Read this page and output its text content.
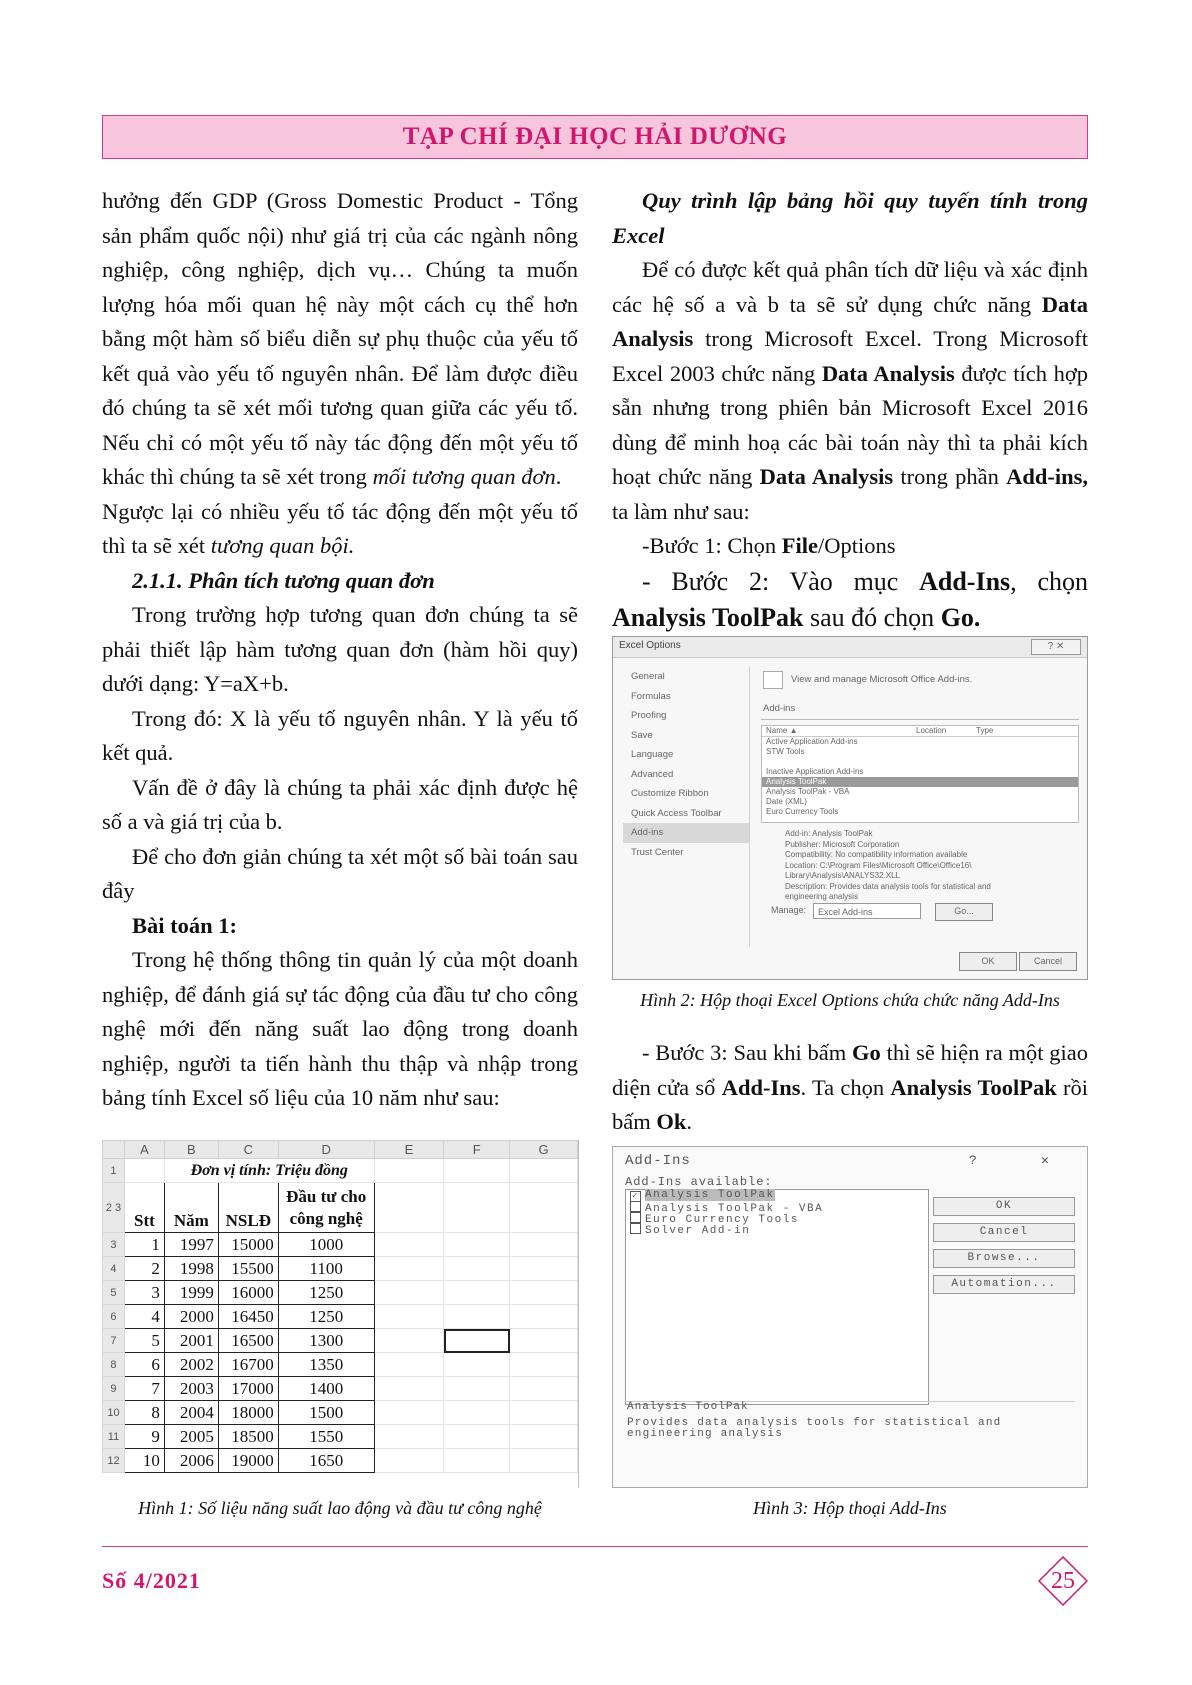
TẠP CHÍ ĐẠI HỌC HẢI DƯƠNG

hưởng đến GDP (Gross Domestic Product - Tổng sản phẩm quốc nội) như giá trị của các ngành nông nghiệp, công nghiệp, dịch vụ… Chúng ta muốn lượng hóa mối quan hệ này một cách cụ thể hơn bằng một hàm số biểu diễn sự phụ thuộc của yếu tố kết quả vào yếu tố nguyên nhân. Để làm được điều đó chúng ta sẽ xét mối tương quan giữa các yếu tố. Nếu chỉ có một yếu tố này tác động đến một yếu tố khác thì chúng ta sẽ xét trong mối tương quan đơn.

Ngược lại có nhiều yếu tố tác động đến một yếu tố thì ta sẽ xét tương quan bội.

2.1.1. Phân tích tương quan đơn

Trong trường hợp tương quan đơn chúng ta sẽ phải thiết lập hàm tương quan đơn (hàm hồi quy) dưới dạng: Y=aX+b.

Trong đó: X là yếu tố nguyên nhân. Y là yếu tố kết quả.

Vấn đề ở đây là chúng ta phải xác định được hệ số a và giá trị của b.

Để cho đơn giản chúng ta xét một số bài toán sau đây

Bài toán 1:

Trong hệ thống thông tin quản lý của một doanh nghiệp, để đánh giá sự tác động của đầu tư cho công nghệ mới đến năng suất lao động trong doanh nghiệp, người ta tiến hành thu thập và nhập trong bảng tính Excel số liệu của 10 năm như sau:

	A	B	C	D	E	F	G
1		Đơn vị tính: Triệu đồng					
2 3	Stt	Năm	NSLĐ	Đầu tư cho
công nghệ			

3	1	1997	15000	1000			
4	2	1998	15500	1100			
5	3	1999	16000	1250			
6	4	2000	16450	1250			
7	5	2001	16500	1300			
8	6	2002	16700	1350			
9	7	2003	17000	1400			
10	8	2004	18000	1500			
11	9	2005	18500	1550			
12	10	2006	19000	1650			
Hình 1: Số liệu năng suất lao động và đầu tư công nghệ

Quy trình lập bảng hồi quy tuyến tính trong Excel

Để có được kết quả phân tích dữ liệu và xác định các hệ số a và b ta sẽ sử dụng chức năng Data Analysis trong Microsoft Excel. Trong Microsoft Excel 2003 chức năng Data Analysis được tích hợp sẵn nhưng trong phiên bản Microsoft Excel 2016 dùng để minh hoạ các bài toán này thì ta phải kích hoạt chức năng Data Analysis trong phần Add-ins, ta làm như sau:

-Bước 1: Chọn File/Options

- Bước 2: Vào mục Add-Ins, chọn Analysis ToolPak sau đó chọn Go.

Excel Options	? ✕
General
Formulas
Proofing
Save
Language
Advanced
Customize Ribbon
Quick Access Toolbar
Add-ins
Trust Center
View and manage Microsoft Office Add-ins.
Add-ins
Name ▲	Location	Type
Active Application Add-ins
STW Tools
Inactive Application Add-ins
Analysis ToolPak
Analysis ToolPak - VBA
Date (XML)
Euro Currency Tools
Add-in: Analysis ToolPak
Publisher: Microsoft Corporation
Compatibility: No compatibility information available
Location: C:\Program Files\Microsoft Office\Office16\
Library\Analysis\ANALYS32.XLL
Description: Provides data analysis tools for statistical and
engineering analysis
Manage:	Excel Add-ins	Go...
OK	Cancel
Hình 2: Hộp thoại Excel Options chứa chức năng Add-Ins

- Bước 3: Sau khi bấm Go thì sẽ hiện ra một giao diện cửa sổ Add-Ins. Ta chọn Analysis ToolPak rồi bấm Ok.

Add-Ins	?	✕
Add-Ins available:
✓ Analysis ToolPak
Analysis ToolPak - VBA
Euro Currency Tools
Solver Add-in
OK
Cancel
Browse...
Automation...
Analysis ToolPak
Provides data analysis tools for statistical and engineering analysis
Hình 3: Hộp thoại Add-Ins
Số 4/2021	25
